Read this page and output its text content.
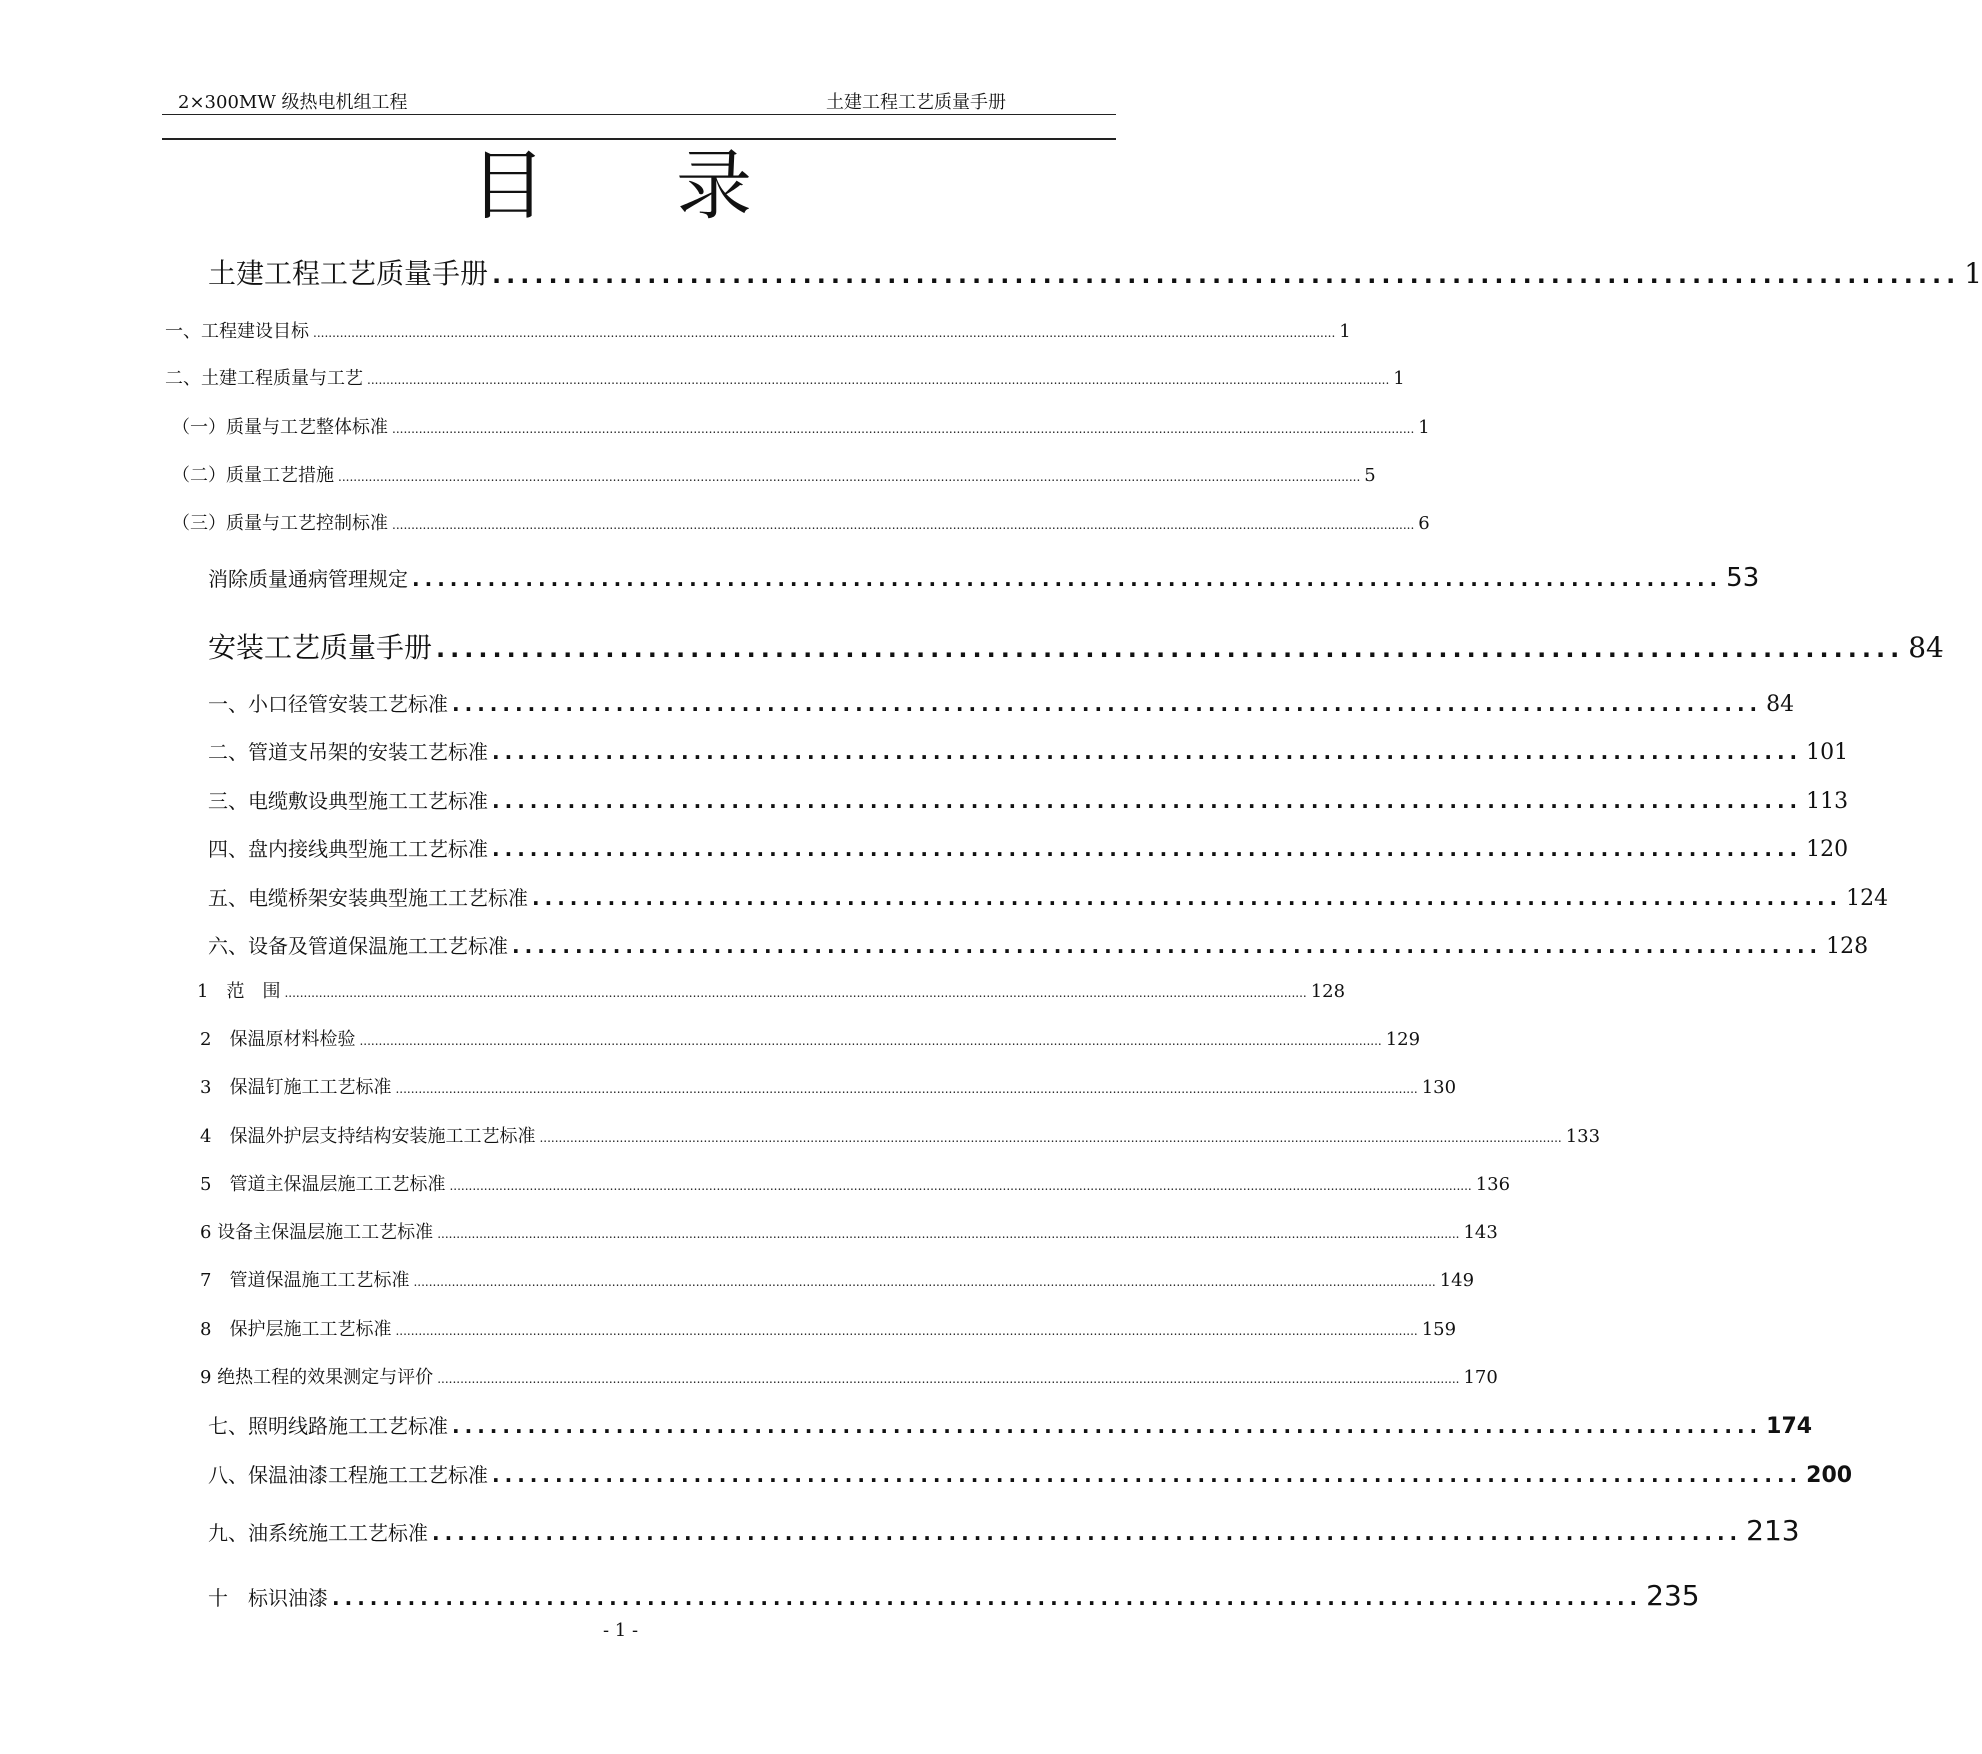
2×300MW 级热电机组工程	土建工程工艺质量手册
目 录
土建工程工艺质量手册 ........................................................................................................ 1
一、工程建设目标 ............................................................................................................................................................................................................................................................................ 1
二、土建工程质量与工艺 ............................................................................................................................................................................................................................................................................ 1
（一）质量与工艺整体标准 ............................................................................................................................................................................................................................................................................ 1
（二）质量工艺措施 ............................................................................................................................................................................................................................................................................ 5
（三）质量与工艺控制标准 ............................................................................................................................................................................................................................................................................ 6
消除质量通病管理规定 ........................................................................................................ 53
安装工艺质量手册 ........................................................................................................ 84
一、小口径管安装工艺标准 ........................................................................................................ 84
二、管道支吊架的安装工艺标准 ........................................................................................................ 101
三、电缆敷设典型施工工艺标准 ........................................................................................................ 113
四、盘内接线典型施工工艺标准 ........................................................................................................ 120
五、电缆桥架安装典型施工工艺标准 ........................................................................................................ 124
六、设备及管道保温施工工艺标准 ........................................................................................................ 128
1　范　围 ............................................................................................................................................................................................................................................................................ 128
2　保温原材料检验 ............................................................................................................................................................................................................................................................................ 129
3　保温钉施工工艺标准 ............................................................................................................................................................................................................................................................................ 130
4　保温外护层支持结构安装施工工艺标准 ............................................................................................................................................................................................................................................................................ 133
5　管道主保温层施工工艺标准 ............................................................................................................................................................................................................................................................................ 136
6 设备主保温层施工工艺标准 ............................................................................................................................................................................................................................................................................ 143
7　管道保温施工工艺标准 ............................................................................................................................................................................................................................................................................ 149
8　保护层施工工艺标准 ............................................................................................................................................................................................................................................................................ 159
9 绝热工程的效果测定与评价 ............................................................................................................................................................................................................................................................................ 170
七、照明线路施工工艺标准 ........................................................................................................ 174
八、保温油漆工程施工工艺标准 ........................................................................................................ 200
九、油系统施工工艺标准 ........................................................................................................ 213
十　标识油漆 ........................................................................................................ 235
- 1 -
